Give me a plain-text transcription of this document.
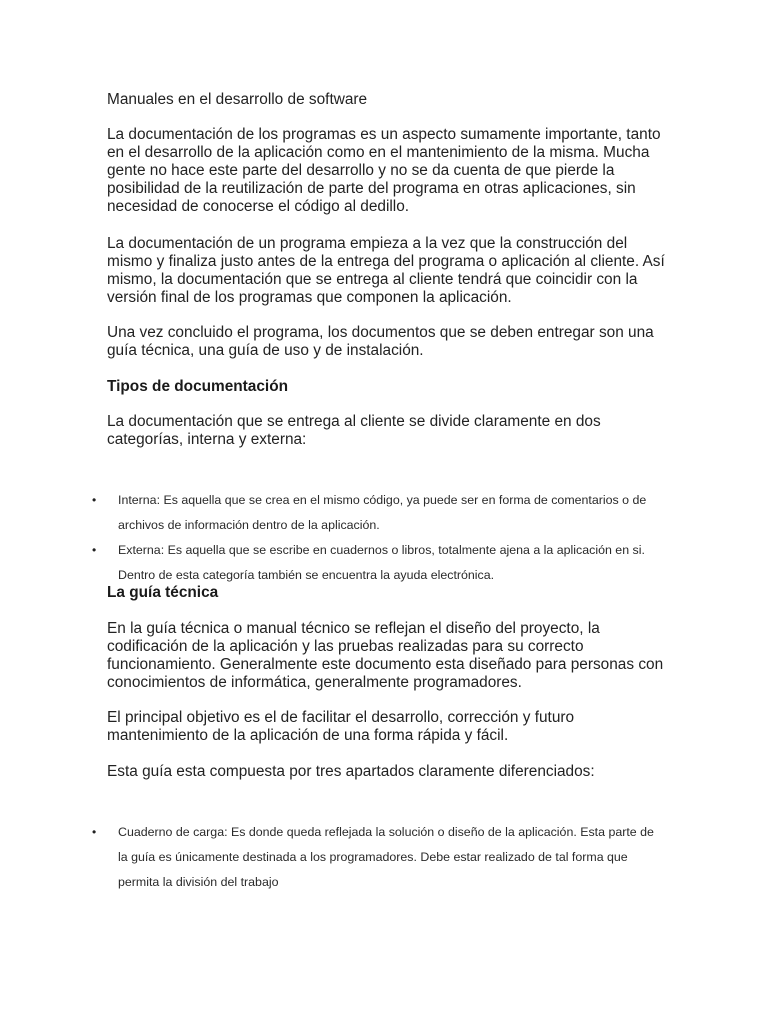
Manuales en el desarrollo de software
La documentación de los programas es un aspecto sumamente importante, tanto en el desarrollo de la aplicación como en el mantenimiento de la misma. Mucha gente no hace este parte del desarrollo y no se da cuenta de que pierde la posibilidad de la reutilización de parte del programa en otras aplicaciones, sin necesidad de conocerse el código al dedillo.
La documentación de un programa empieza a la vez que la construcción del mismo y finaliza justo antes de la entrega del programa o aplicación al cliente. Así mismo, la documentación que se entrega al cliente tendrá que coincidir con la versión final de los programas que componen la aplicación.
Una vez concluido el programa, los documentos que se deben entregar son una guía técnica, una guía de uso y de instalación.
Tipos de documentación
La documentación que se entrega al cliente se divide claramente en dos categorías, interna y externa:
•	Interna: Es aquella que se crea en el mismo código, ya puede ser en forma de comentarios o de archivos de información dentro de la aplicación.
•	Externa: Es aquella que se escribe en cuadernos o libros, totalmente ajena a la aplicación en si. Dentro de esta categoría también se encuentra la ayuda electrónica.
La guía técnica
En la guía técnica o manual técnico se reflejan el diseño del proyecto, la codificación de la aplicación y las pruebas realizadas para su correcto funcionamiento. Generalmente este documento esta diseñado para personas con conocimientos de informática, generalmente programadores.
El principal objetivo es el de facilitar el desarrollo, corrección y futuro mantenimiento de la aplicación de una forma rápida y fácil.
Esta guía esta compuesta por tres apartados claramente diferenciados:
•	Cuaderno de carga: Es donde queda reflejada la solución o diseño de la aplicación. Esta parte de la guía es únicamente destinada a los programadores. Debe estar realizado de tal forma que permita la división del trabajo
